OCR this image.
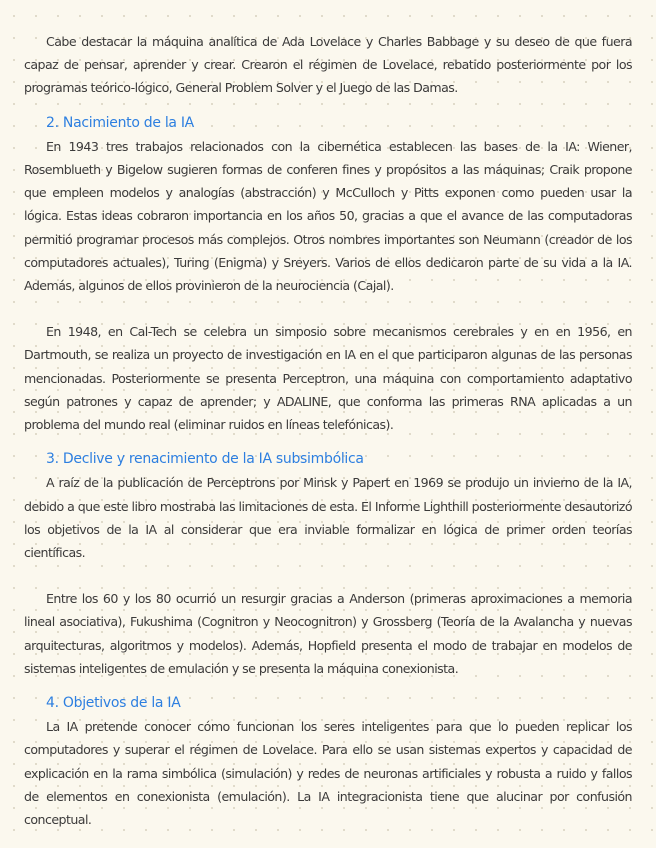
Cabe destacar la máquina analítica de Ada Lovelace y Charles Babbage y su deseo de que fuera capaz de pensar, aprender y crear. Crearon el régimen de Lovelace, rebatido posteriormente por los programas teórico-lógico, General Problem Solver y el Juego de las Damas.

2. Nacimiento de la IA

En 1943 tres trabajos relacionados con la cibernética establecen las bases de la IA: Wiener, Rosemblueth y Bigelow sugieren formas de conferen fines y propósitos a las máquinas; Craik propone que empleen modelos y analogías (abstracción) y McCulloch y Pitts exponen como pueden usar la lógica. Estas ideas cobraron importancia en los años 50, gracias a que el avance de las computadoras permitió programar procesos más complejos. Otros nombres importantes son Neumann (creador de los computadores actuales), Turing (Enigma) y Sreyers. Varios de ellos dedicaron parte de su vida a la IA. Además, algunos de ellos provinieron de la neurociencia (Cajal).

En 1948, en Cal-Tech se celebra un simposio sobre mecanismos cerebrales y en en 1956, en Dartmouth, se realiza un proyecto de investigación en IA en el que participaron algunas de las personas mencionadas. Posteriormente se presenta Perceptron, una máquina con comportamiento adaptativo según patrones y capaz de aprender; y ADALINE, que conforma las primeras RNA aplicadas a un problema del mundo real (eliminar ruidos en líneas telefónicas).

3. Declive y renacimiento de la IA subsimbólica

A raíz de la publicación de Perceptrons por Minsk y Papert en 1969 se produjo un invierno de la IA, debido a que este libro mostraba las limitaciones de esta. El Informe Lighthill posteriormente desautorizó los objetivos de la IA al considerar que era inviable formalizar en lógica de primer orden teorías científicas.

Entre los 60 y los 80 ocurrió un resurgir gracias a Anderson (primeras aproximaciones a memoria lineal asociativa), Fukushima (Cognitron y Neocognitron) y Grossberg (Teoría de la Avalancha y nuevas arquitecturas, algoritmos y modelos). Además, Hopfield presenta el modo de trabajar en modelos de sistemas inteligentes de emulación y se presenta la máquina conexionista.

4. Objetivos de la IA

La IA pretende conocer cómo funcionan los seres inteligentes para que lo pueden replicar los computadores y superar el régimen de Lovelace. Para ello se usan sistemas expertos y capacidad de explicación en la rama simbólica (simulación) y redes de neuronas artificiales y robusta a ruido y fallos de elementos en conexionista (emulación). La IA integracionista tiene que alucinar por confusión conceptual.
